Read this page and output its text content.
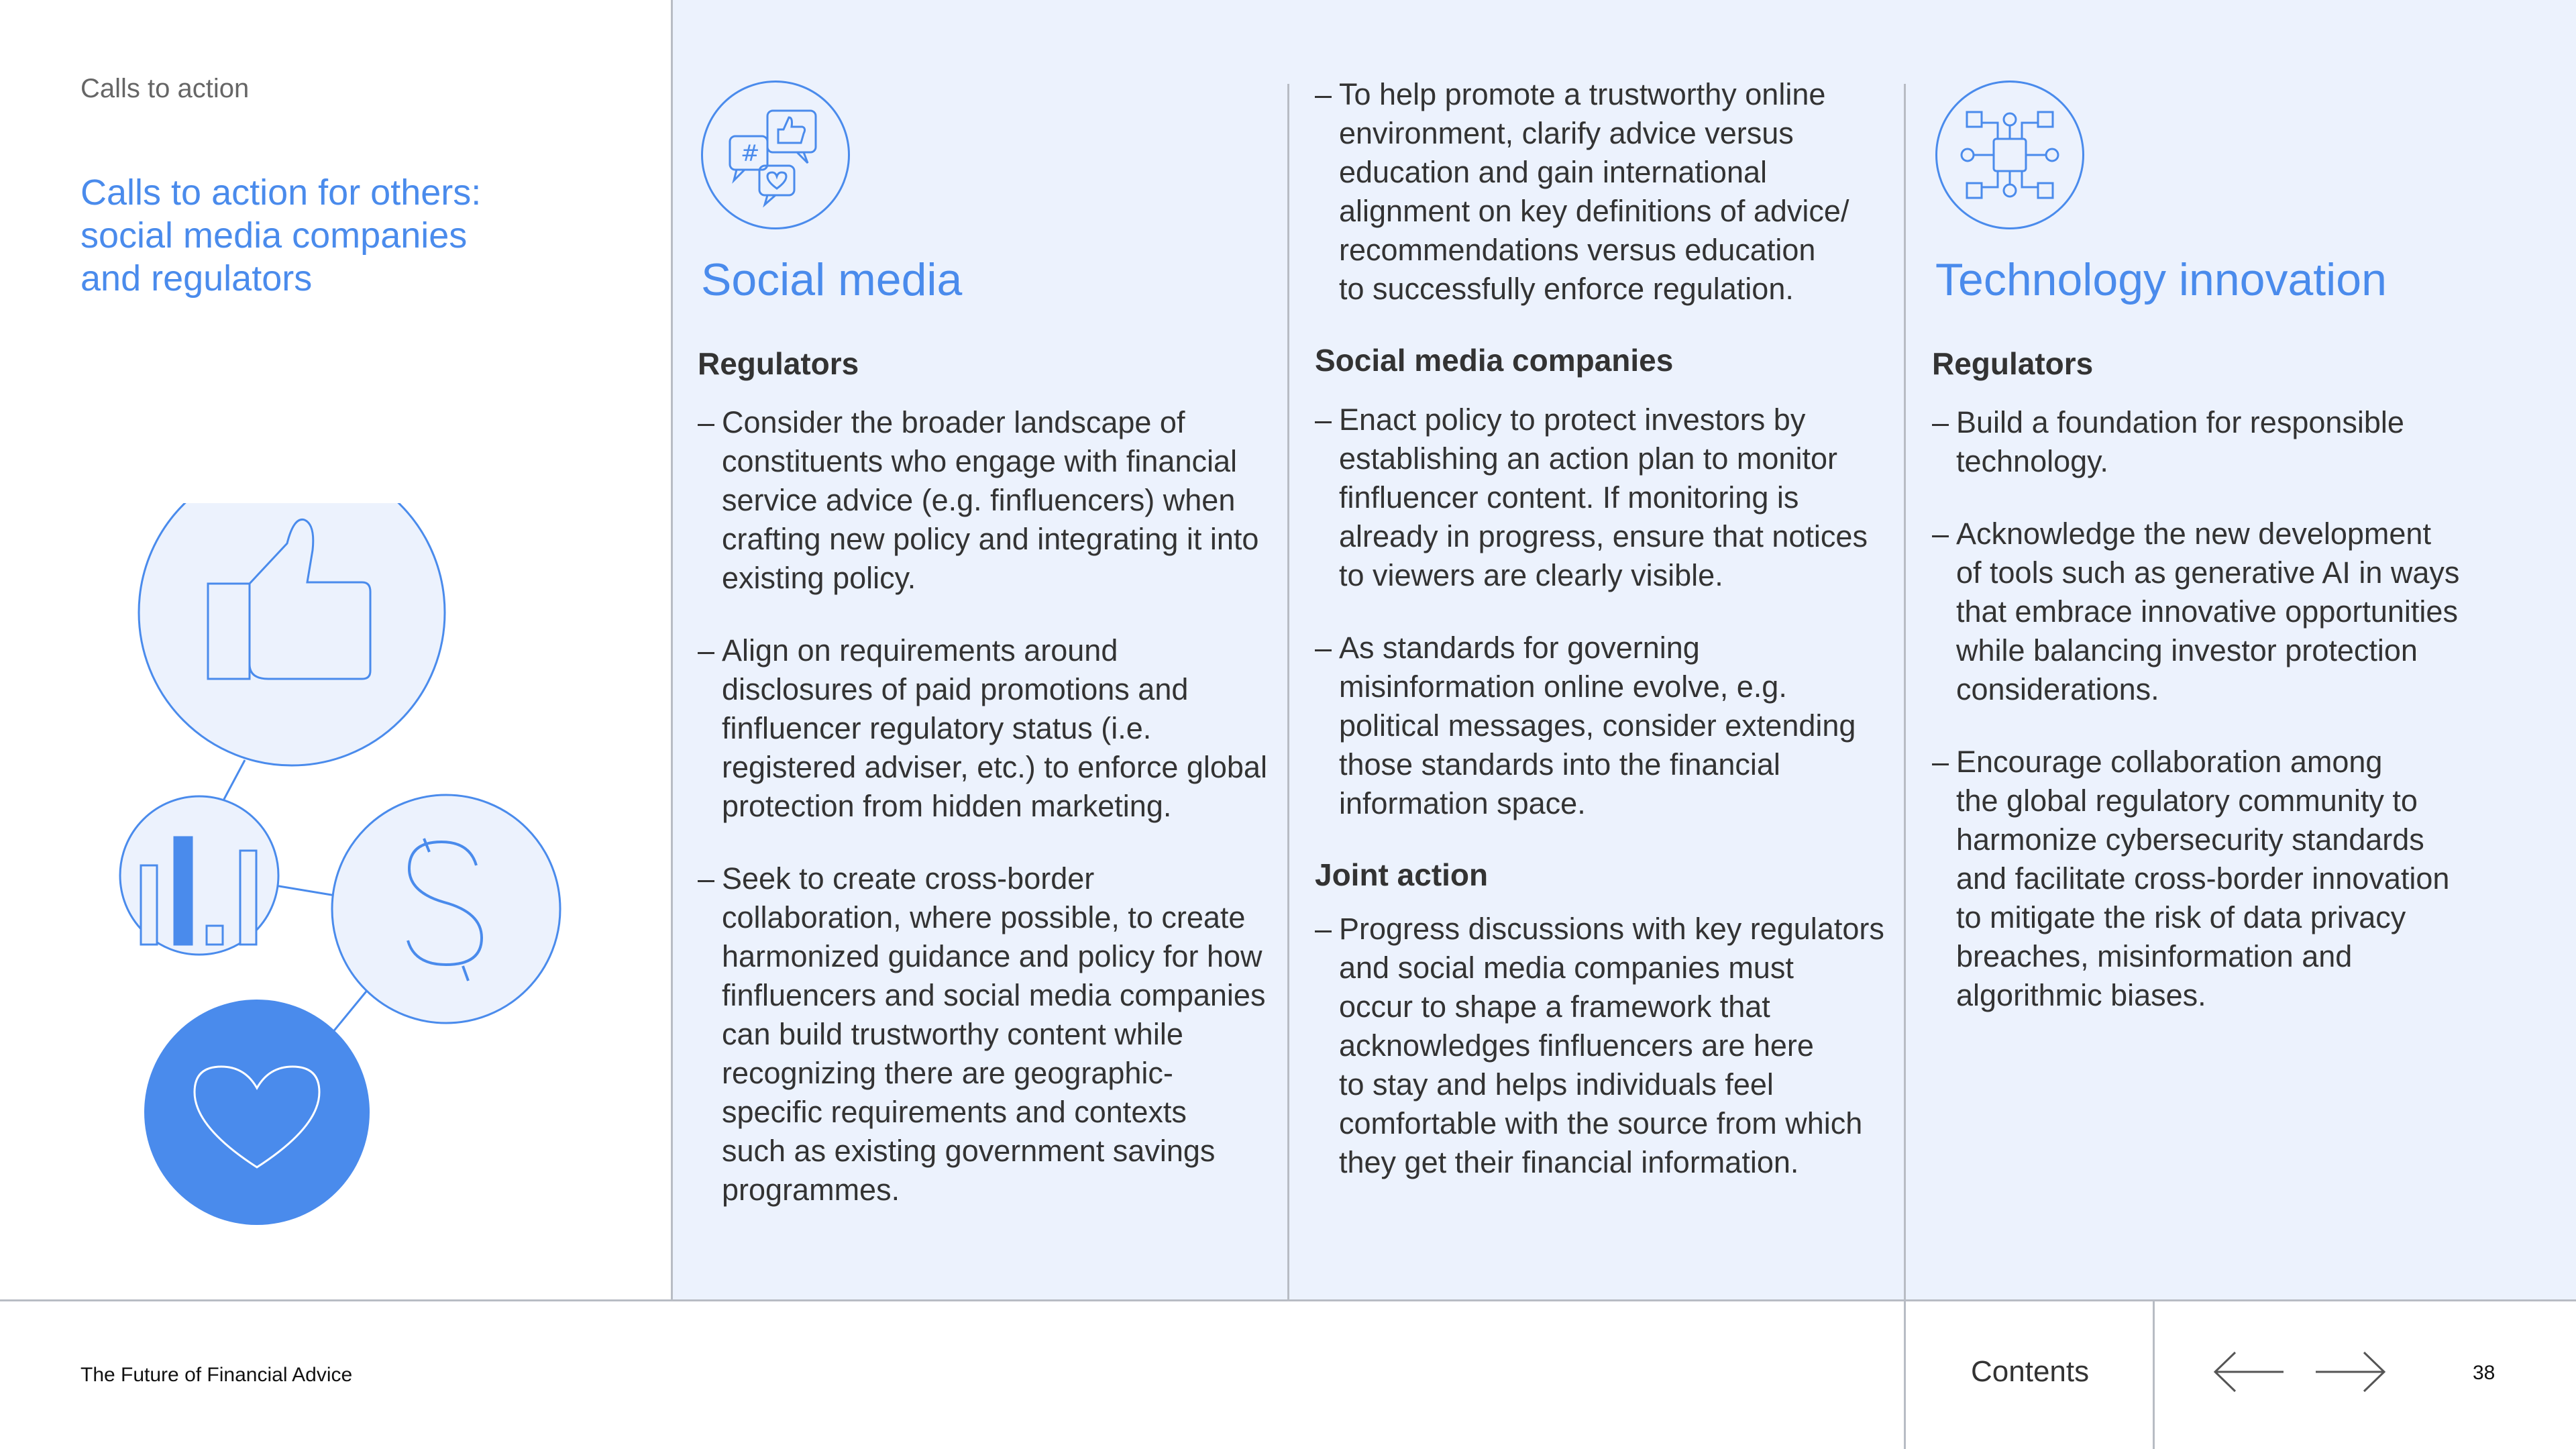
Calls to action
Calls to action for others:
social media companies
and regulators
#
Social media
Regulators
– Consider the broader landscape of
constituents who engage with financial
service advice (e.g. finfluencers) when
crafting new policy and integrating it into
existing policy.
– Align on requirements around
disclosures of paid promotions and
finfluencer regulatory status (i.e.
registered adviser, etc.) to enforce global
protection from hidden marketing.
– Seek to create cross-border
collaboration, where possible, to create
harmonized guidance and policy for how
finfluencers and social media companies
can build trustworthy content while
recognizing there are geographic-
specific requirements and contexts
such as existing government savings
programmes.
– To help promote a trustworthy online
environment, clarify advice versus
education and gain international
alignment on key definitions of advice/
recommendations versus education
to successfully enforce regulation.
Social media companies
– Enact policy to protect investors by
establishing an action plan to monitor
finfluencer content. If monitoring is
already in progress, ensure that notices
to viewers are clearly visible.
– As standards for governing
misinformation online evolve, e.g.
political messages, consider extending
those standards into the financial
information space.
Joint action
– Progress discussions with key regulators
and social media companies must
occur to shape a framework that
acknowledges finfluencers are here
to stay and helps individuals feel
comfortable with the source from which
they get their financial information.
Technology innovation
Regulators
– Build a foundation for responsible
technology.
– Acknowledge the new development
of tools such as generative AI in ways
that embrace innovative opportunities
while balancing investor protection
considerations.
– Encourage collaboration among
the global regulatory community to
harmonize cybersecurity standards
and facilitate cross-border innovation
to mitigate the risk of data privacy
breaches, misinformation and
algorithmic biases.
The Future of Financial Advice	Contents	38
